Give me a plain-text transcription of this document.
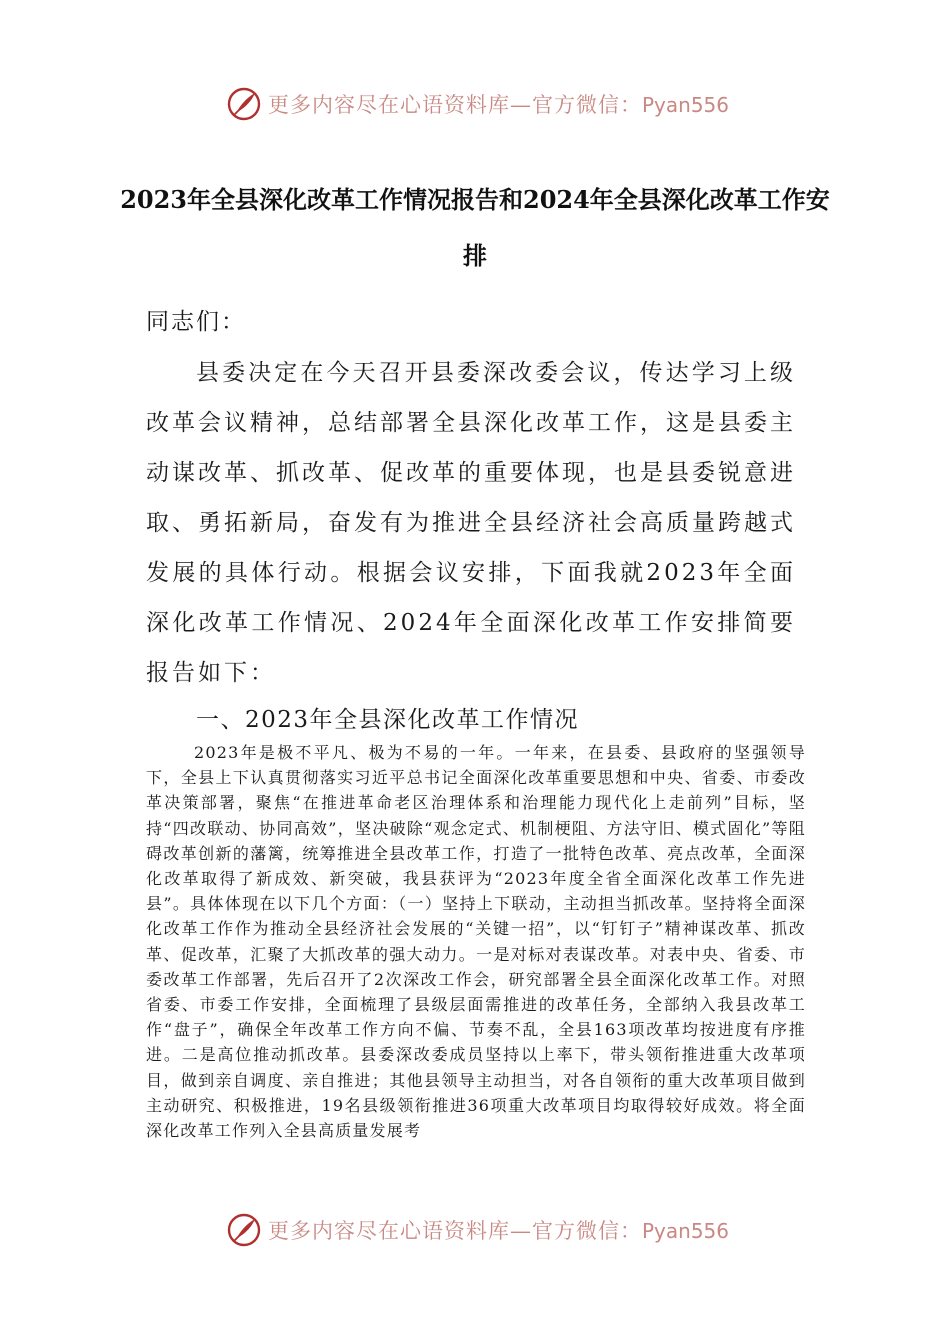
更多内容尽在心语资料库—官方微信：Pyan556
2023年全县深化改革工作情况报告和2024年全县深化改革工作安排
同志们：

县委决定在今天召开县委深改委会议，传达学习上级改革会议精神，总结部署全县深化改革工作，这是县委主动谋改革、抓改革、促改革的重要体现，也是县委锐意进取、勇拓新局，奋发有为推进全县经济社会高质量跨越式发展的具体行动。根据会议安排，下面我就2023年全面深化改革工作情况、2024年全面深化改革工作安排简要报告如下：

一、2023年全县深化改革工作情况

2023年是极不平凡、极为不易的一年。一年来，在县委、县政府的坚强领导下，全县上下认真贯彻落实习近平总书记全面深化改革重要思想和中央、省委、市委改革决策部署，聚焦“在推进革命老区治理体系和治理能力现代化上走前列”目标，坚持“四改联动、协同高效”，坚决破除“观念定式、机制梗阻、方法守旧、模式固化”等阻碍改革创新的藩篱，统筹推进全县改革工作，打造了一批特色改革、亮点改革，全面深化改革取得了新成效、新突破，我县获评为“2023年度全省全面深化改革工作先进县”。具体体现在以下几个方面：（一）坚持上下联动，主动担当抓改革。坚持将全面深化改革工作作为推动全县经济社会发展的“关键一招”，以“钉钉子”精神谋改革、抓改革、促改革，汇聚了大抓改革的强大动力。一是对标对表谋改革。对表中央、省委、市委改革工作部署，先后召开了2次深改工作会，研究部署全县全面深化改革工作。对照省委、市委工作安排，全面梳理了县级层面需推进的改革任务，全部纳入我县改革工作“盘子”，确保全年改革工作方向不偏、节奏不乱，全县163项改革均按进度有序推进。二是高位推动抓改革。县委深改委成员坚持以上率下，带头领衔推进重大改革项目，做到亲自调度、亲自推进；其他县领导主动担当，对各自领衔的重大改革项目做到主动研究、积极推进，19名县级领衔推进36项重大改革项目均取得较好成效。将全面深化改革工作列入全县高质量发展考

更多内容尽在心语资料库—官方微信：Pyan556
